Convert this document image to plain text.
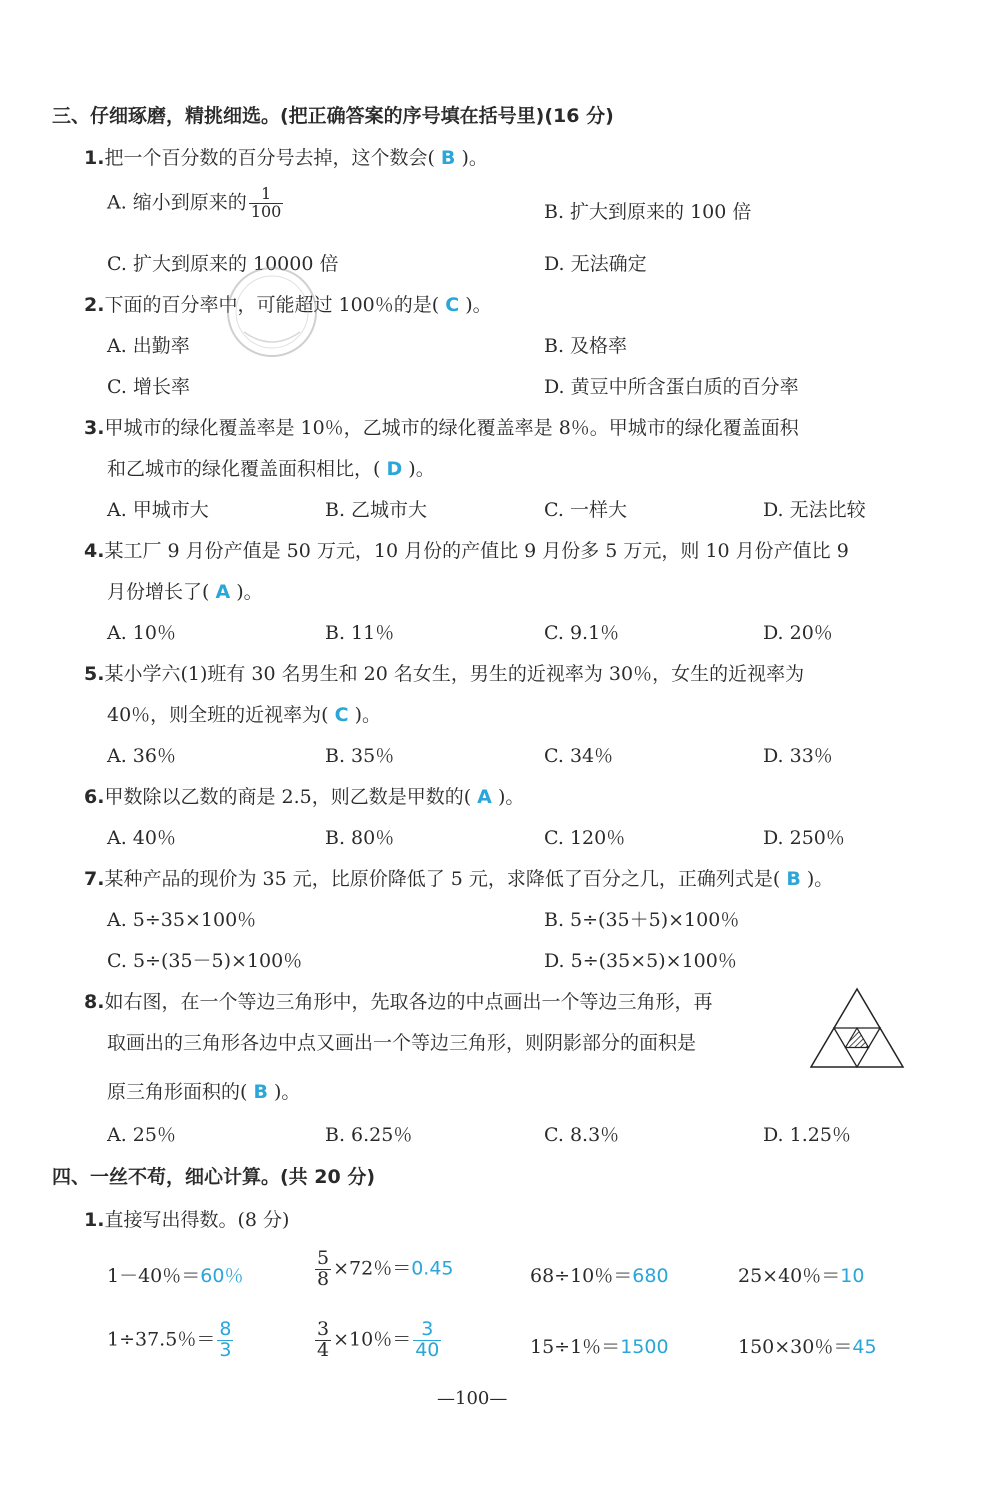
三、仔细琢磨，精挑细选。(把正确答案的序号填在括号里)(16 分)
1.把一个百分数的百分号去掉，这个数会( B )。
A. 缩小到原来的 $\frac{1}{100}$	B. 扩大到原来的 100 倍
C. 扩大到原来的 10000 倍	D. 无法确定
2.下面的百分率中，可能超过 100％的是( C )。
A. 出勤率	B. 及格率
C. 增长率	D. 黄豆中所含蛋白质的百分率
3.甲城市的绿化覆盖率是 10％，乙城市的绿化覆盖率是 8％。甲城市的绿化覆盖面积
和乙城市的绿化覆盖面积相比，( D )。
A. 甲城市大	B. 乙城市大	C. 一样大	D. 无法比较
4.某工厂 9 月份产值是 50 万元，10 月份的产值比 9 月份多 5 万元，则 10 月份产值比 9
月份增长了( A )。
A. 10％	B. 11％	C. 9.1％	D. 20％
5.某小学六(1)班有 30 名男生和 20 名女生，男生的近视率为 30％，女生的近视率为
40％，则全班的近视率为( C )。
A. 36％	B. 35％	C. 34％	D. 33％
6.甲数除以乙数的商是 2.5，则乙数是甲数的( A )。
A. 40％	B. 80％	C. 120％	D. 250％
7.某种产品的现价为 35 元，比原价降低了 5 元，求降低了百分之几，正确列式是( B )。
A. 5÷35×100％	B. 5÷(35＋5)×100％
C. 5÷(35－5)×100％	D. 5÷(35×5)×100％
8.如右图，在一个等边三角形中，先取各边的中点画出一个等边三角形，再
取画出的三角形各边中点又画出一个等边三角形，则阴影部分的面积是
原三角形面积的( B )。
A. 25％	B. 6.25％	C. 8.3％	D. 1.25％
四、一丝不苟，细心计算。(共 20 分)
1.直接写出得数。(8 分)
1－40％＝60％	$\frac{5}{8} \times 72$％＝0.45	68÷10％＝680	25×40％＝10
1÷37.5％＝ $\frac{8}{3}$	$\frac{3}{4} \times 10$％＝ $\frac{3}{40}$	15÷1％＝1500	150×30％＝45
—100—
